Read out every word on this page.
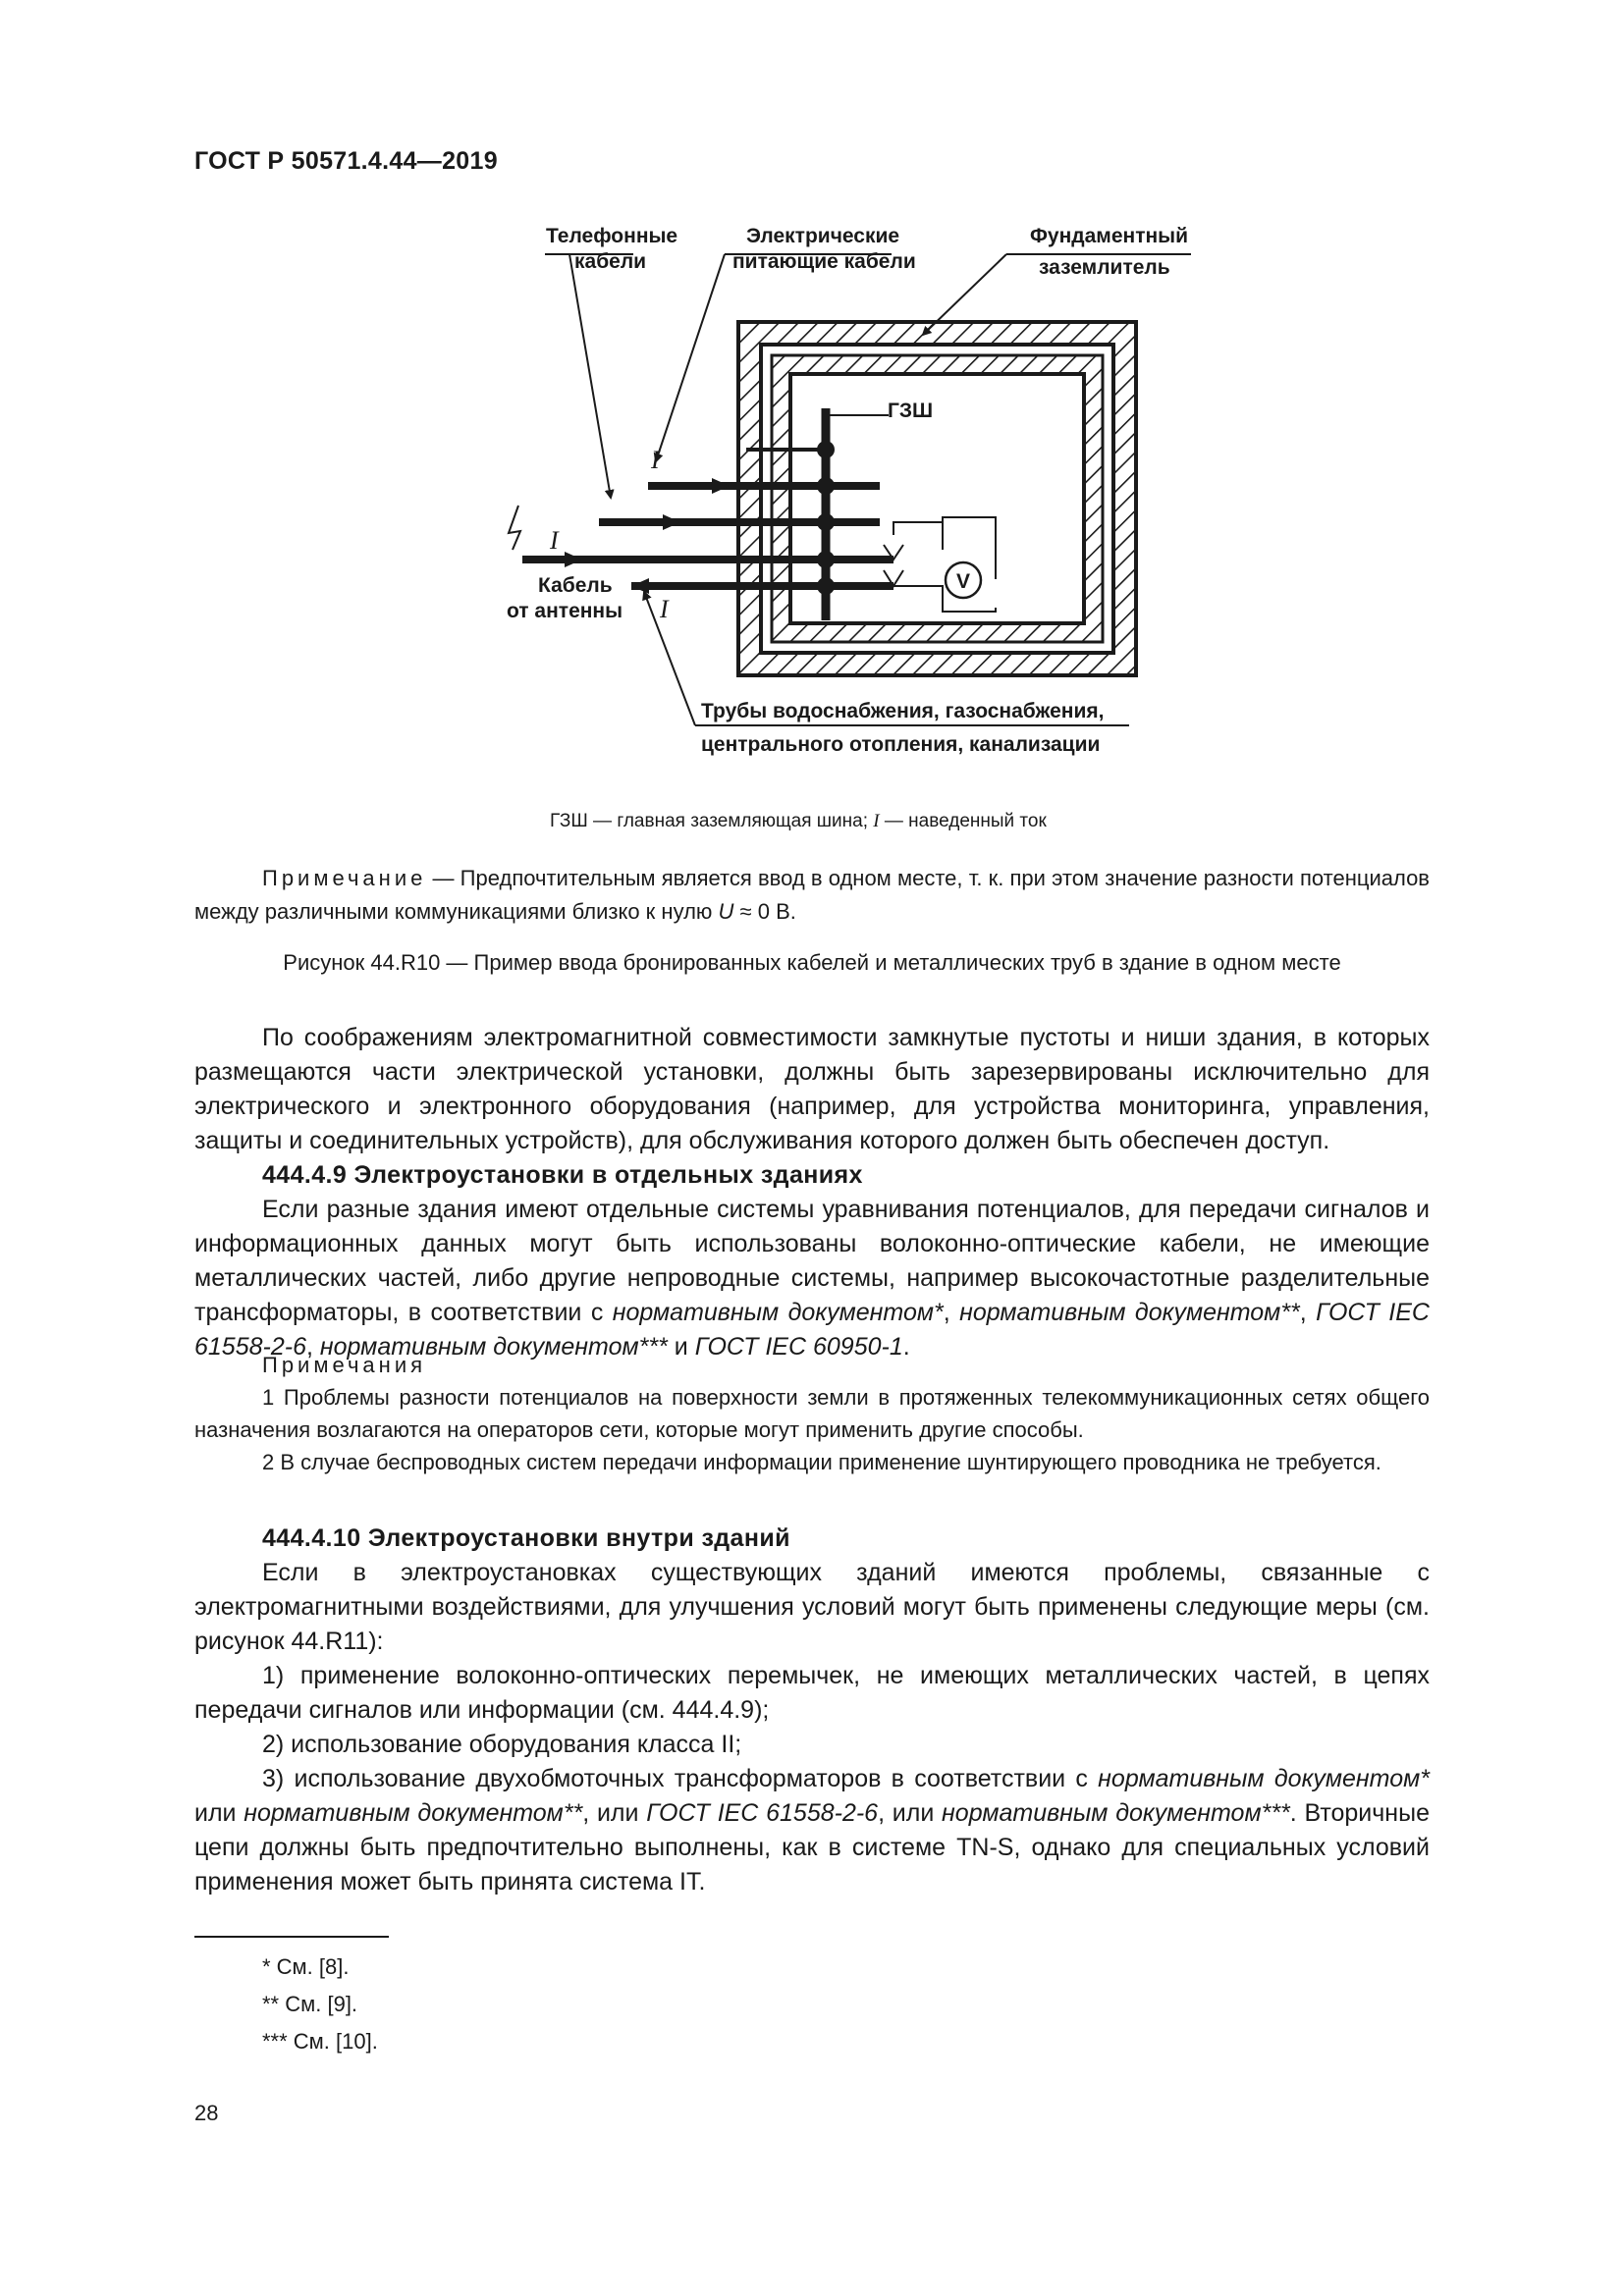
ГОСТ Р 50571.4.44—2019
ГЗШ
V
I
I
I
Телефонные
кабели
Электрические
питающие кабели
Фундаментный
заземлитель
Кабель
от антенны
Трубы водоснабжения, газоснабжения,
центрального отопления, канализации
ГЗШ — главная заземляющая шина; I — наведенный ток
Примечание — Предпочтительным является ввод в одном месте, т. к. при этом значение разности потенциалов между различными коммуникациями близко к нулю U ≈ 0 В.
Рисунок 44.R10 — Пример ввода бронированных кабелей и металлических труб в здание в одном месте

По соображениям электромагнитной совместимости замкнутые пустоты и ниши здания, в которых размещаются части электрической установки, должны быть зарезервированы исключительно для электрического и электронного оборудования (например, для устройства мониторинга, управления, защиты и соединительных устройств), для обслуживания которого должен быть обеспечен доступ.

444.4.9 Электроустановки в отдельных зданиях

Если разные здания имеют отдельные системы уравнивания потенциалов, для передачи сигналов и информационных данных могут быть использованы волоконно-оптические кабели, не имеющие металлических частей, либо другие непроводные системы, например высокочастотные разделительные трансформаторы, в соответствии с нормативным документом*, нормативным документом**, ГОСТ IEC 61558-2-6, нормативным документом*** и ГОСТ IEC 60950-1.

Примечания

1 Проблемы разности потенциалов на поверхности земли в протяженных телекоммуникационных сетях общего назначения возлагаются на операторов сети, которые могут применить другие способы.

2 В случае беспроводных систем передачи информации применение шунтирующего проводника не требуется.

444.4.10 Электроустановки внутри зданий

Если в электроустановках существующих зданий имеются проблемы, связанные с электромагнитными воздействиями, для улучшения условий могут быть применены следующие меры (см. рисунок 44.R11):

1) применение волоконно-оптических перемычек, не имеющих металлических частей, в цепях передачи сигналов или информации (см. 444.4.9);

2) использование оборудования класса II;

3) использование двухобмоточных трансформаторов в соответствии с нормативным документом* или нормативным документом**, или ГОСТ IEC 61558-2-6, или нормативным документом***. Вторичные цепи должны быть предпочтительно выполнены, как в системе TN-S, однако для специальных условий применения может быть принята система IT.

* См. [8].
** См. [9].
*** См. [10].
28
